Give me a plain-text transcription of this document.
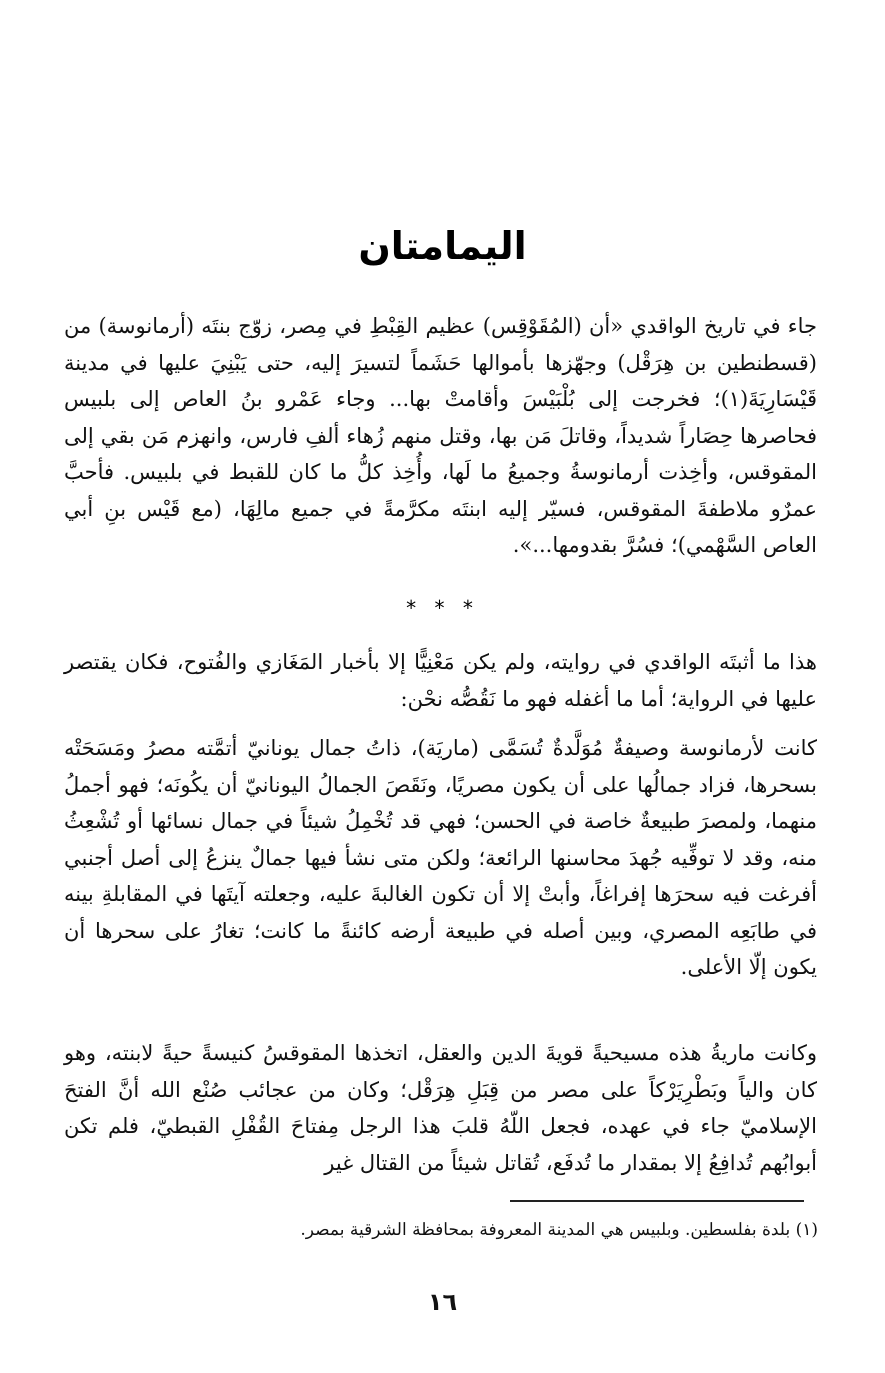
اليمامتان

جاء في تاريخ الواقدي «أن (المُقَوْقِس) عظيم القِبْطِ في مِصر، زوّج بنتَه (أرمانوسة) من (قسطنطين بن هِرَقْل) وجهّزها بأموالها حَشَماً لتسيرَ إليه، حتى يَبْنِيَ عليها في مدينة قَيْسَارِيَةَ(١)؛ فخرجت إلى بُلْبَيْسَ وأقامتْ بها... وجاء عَمْرو بنُ العاص إلى بلبيس فحاصرها حِصَاراً شديداً، وقاتلَ مَن بها، وقتل منهم زُهاء ألفِ فارس، وانهزم مَن بقي إلى المقوقس، وأخِذت أرمانوسةُ وجميعُ ما لَها، وأُخِذ كلُّ ما كان للقبط في بلبيس. فأحبَّ عمرٌو ملاطفةَ المقوقس، فسيّر إليه ابنتَه مكرَّمةً في جميع مالِهَا، (مع قَيْس بنِ أبي العاص السَّهْمي)؛ فسُرَّ بقدومها...».

* * *

هذا ما أثبتَه الواقدي في روايته، ولم يكن مَعْنِيًّا إلا بأخبار المَغَازي والفُتوح، فكان يقتصر عليها في الرواية؛ أما ما أغفله فهو ما نَقُصُّه نحْن:

كانت لأرمانوسة وصيفةٌ مُوَلَّدةٌ تُسَمَّى (ماريَة)، ذاتُ جمال يونانيّ أتمَّته مصرُ ومَسَحَتْه بسحرها، فزاد جمالُها على أن يكون مصريًا، ونَقَصَ الجمالُ اليونانيّ أن يكُونَه؛ فهو أجملُ منهما، ولمصرَ طبيعةٌ خاصة في الحسن؛ فهي قد تُخْمِلُ شيئاً في جمال نسائها أو تُشْعِثُ منه، وقد لا توفِّيه جُهدَ محاسنها الرائعة؛ ولكن متى نشأ فيها جمالٌ ينزعُ إلى أصل أجنبي أفرغت فيه سحرَها إفراغاً، وأبتْ إلا أن تكون الغالبةَ عليه، وجعلته آيتَها في المقابلةِ بينه في طابَعِه المصري، وبين أصله في طبيعة أرضه كائنةً ما كانت؛ تغارُ على سحرها أن يكون إلّا الأعلى.

وكانت ماريةُ هذه مسيحيةً قويةَ الدين والعقل، اتخذها المقوقسُ كنيسةً حيةً لابنته، وهو كان والياً وبَطْرِيَرْكاً على مصر من قِبَلِ هِرَقْل؛ وكان من عجائب صُنْع الله أنَّ الفتحَ الإسلاميّ جاء في عهده، فجعل اللّهُ قلبَ هذا الرجل مِفتاحَ القُفْلِ القبطيّ، فلم تكن أبوابُهم تُدافِعُ إلا بمقدار ما تُدفَع، تُقاتل شيئاً من القتال غير

(١) بلدة بفلسطين. وبلبيس هي المدينة المعروفة بمحافظة الشرقية بمصر.
١٦
